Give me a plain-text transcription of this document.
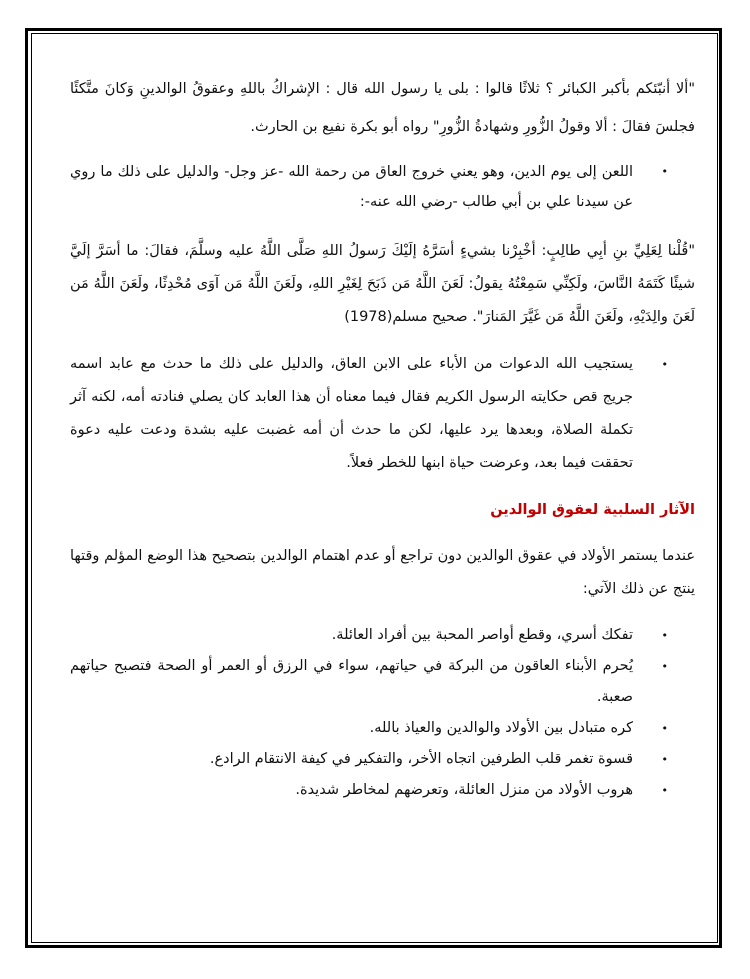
"ألا أنبّئكم بأكبر الكبائر ؟ ثلاثًا قالوا : بلى يا رسول الله قال : الإشراكُ باللهِ وعقوقُ الوالدينِ وَكانَ متَّكئًا فجلسَ فقالَ : ألا وقولُ الزُّورِ وشهادةُ الزُّورِ" رواه أبو بكرة نفيع بن الحارث.

• اللعن إلى يوم الدين، وهو يعني خروج العاق من رحمة الله -عز وجل- والدليل على ذلك ما روي عن سيدنا علي بن أبي طالب -رضي الله عنه-:

"قُلْنا لِعَلِيِّ بنِ أبِي طالِبٍ: أخْبِرْنا بشيءٍ أسَرَّهُ إلَيْكَ رَسولُ اللهِ صَلَّى اللَّهُ عليه وسلَّمَ، فقالَ: ما أسَرَّ إلَيَّ شيئًا كَتَمَهُ النَّاسَ، ولَكِنِّي سَمِعْتُهُ يقولُ: لَعَنَ اللَّهُ مَن ذَبَحَ لِغَيْرِ اللهِ، ولَعَنَ اللَّهُ مَن آوَى مُحْدِثًا، ولَعَنَ اللَّهُ مَن لَعَنَ والِدَيْهِ، ولَعَنَ اللَّهُ مَن غَيَّرَ المَنارَ". صحيح مسلم(1978)

• يستجيب الله الدعوات من الأباء على الابن العاق، والدليل على ذلك ما حدث مع عابد اسمه جريج قص حكايته الرسول الكريم فقال فيما معناه أن هذا العابد كان يصلي فنادته أمه، لكنه آثر تكملة الصلاة، وبعدها يرد عليها، لكن ما حدث أن أمه غضبت عليه بشدة ودعت عليه دعوة تحققت فيما بعد، وعرضت حياة ابنها للخطر فعلاً.

الآثار السلبية لعقوق الوالدين

عندما يستمر الأولاد في عقوق الوالدين دون تراجع أو عدم اهتمام الوالدين بتصحيح هذا الوضع المؤلم وقتها ينتج عن ذلك الآتي:

• تفكك أسري، وقطع أواصر المحبة بين أفراد العائلة.
• يُحرم الأبناء العاقون من البركة في حياتهم، سواء في الرزق أو العمر أو الصحة فتصبح حياتهم صعبة.
• كره متبادل بين الأولاد والوالدين والعياذ بالله.
• قسوة تغمر قلب الطرفين اتجاه الأخر، والتفكير في كيفة الانتقام الرادع.
• هروب الأولاد من منزل العائلة، وتعرضهم لمخاطر شديدة.
